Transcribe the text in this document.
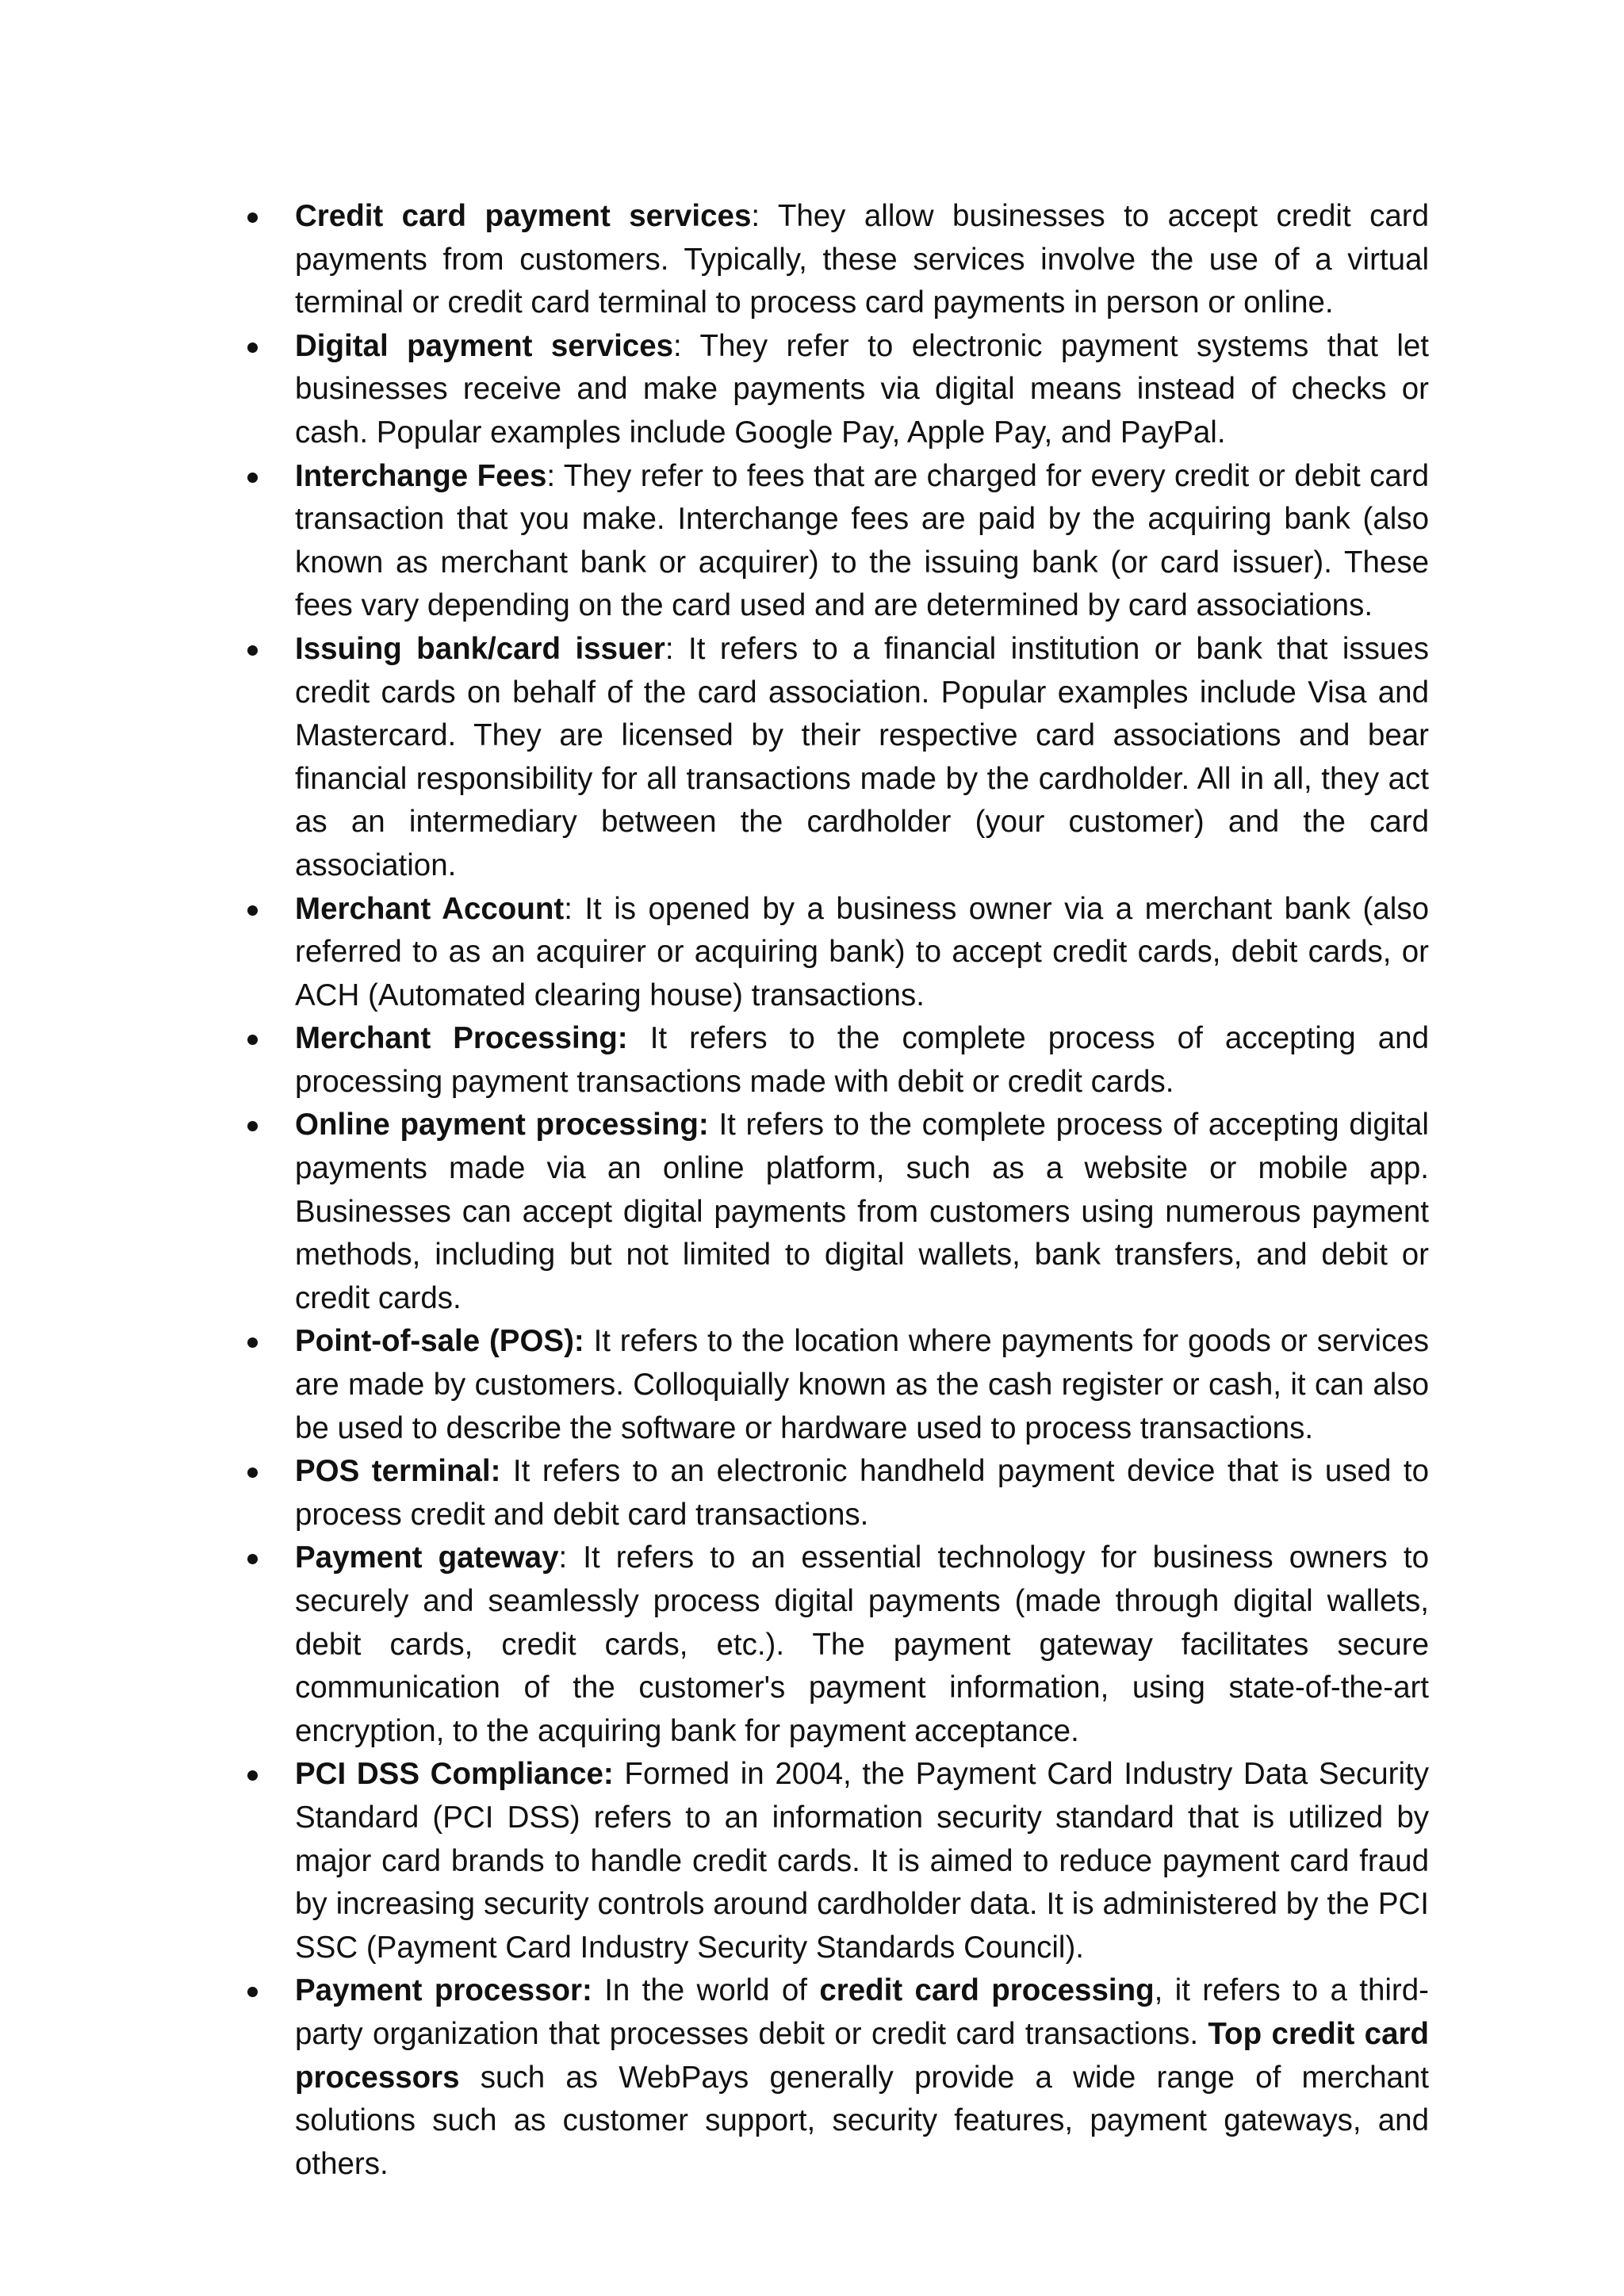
Credit card payment services: They allow businesses to accept credit card payments from customers. Typically, these services involve the use of a virtual terminal or credit card terminal to process card payments in person or online.
Digital payment services: They refer to electronic payment systems that let businesses receive and make payments via digital means instead of checks or cash. Popular examples include Google Pay, Apple Pay, and PayPal.
Interchange Fees: They refer to fees that are charged for every credit or debit card transaction that you make. Interchange fees are paid by the acquiring bank (also known as merchant bank or acquirer) to the issuing bank (or card issuer). These fees vary depending on the card used and are determined by card associations.
Issuing bank/card issuer: It refers to a financial institution or bank that issues credit cards on behalf of the card association. Popular examples include Visa and Mastercard. They are licensed by their respective card associations and bear financial responsibility for all transactions made by the cardholder. All in all, they act as an intermediary between the cardholder (your customer) and the card association.
Merchant Account: It is opened by a business owner via a merchant bank (also referred to as an acquirer or acquiring bank) to accept credit cards, debit cards, or ACH (Automated clearing house) transactions.
Merchant Processing: It refers to the complete process of accepting and processing payment transactions made with debit or credit cards.
Online payment processing: It refers to the complete process of accepting digital payments made via an online platform, such as a website or mobile app. Businesses can accept digital payments from customers using numerous payment methods, including but not limited to digital wallets, bank transfers, and debit or credit cards.
Point-of-sale (POS): It refers to the location where payments for goods or services are made by customers. Colloquially known as the cash register or cash, it can also be used to describe the software or hardware used to process transactions.
POS terminal: It refers to an electronic handheld payment device that is used to process credit and debit card transactions.
Payment gateway: It refers to an essential technology for business owners to securely and seamlessly process digital payments (made through digital wallets, debit cards, credit cards, etc.). The payment gateway facilitates secure communication of the customer's payment information, using state-of-the-art encryption, to the acquiring bank for payment acceptance.
PCI DSS Compliance: Formed in 2004, the Payment Card Industry Data Security Standard (PCI DSS) refers to an information security standard that is utilized by major card brands to handle credit cards. It is aimed to reduce payment card fraud by increasing security controls around cardholder data. It is administered by the PCI SSC (Payment Card Industry Security Standards Council).
Payment processor: In the world of credit card processing, it refers to a third-party organization that processes debit or credit card transactions. Top credit card processors such as WebPays generally provide a wide range of merchant solutions such as customer support, security features, payment gateways, and others.
